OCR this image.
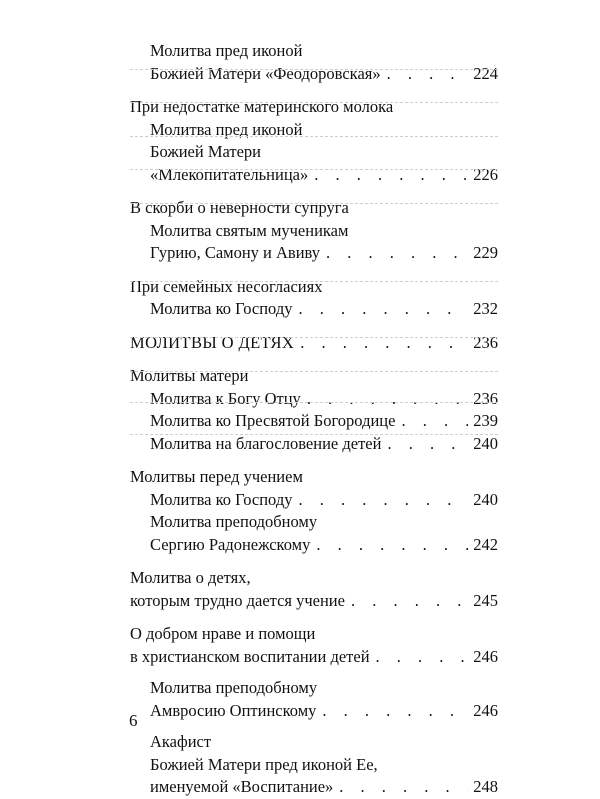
Молитва пред иконой
Божией Матери «Феодоровская» . . .	224
При недостатке материнского молока
Молитва пред иконой
Божией Матери
«Млекопитательница» . . .	226
В скорби о неверности супруга
Молитва святым мученикам
Гурию, Самону и Авиву . . .	229
При семейных несогласиях
Молитва ко Господу . . .	232
МОЛИТВЫ О ДЕТЯХ . . .	236
Молитвы матери
Молитва к Богу Отцу . . .	236
Молитва ко Пресвятой Богородице . . .	239
Молитва на благословение детей . . .	240
Молитвы перед учением
Молитва ко Господу . . .	240
Молитва преподобному
Сергию Радонежскому . . .	242
Молитва о детях,
которым трудно дается учение . . .	245
О добром нраве и помощи
в христианском воспитании детей . . .	246
Молитва преподобному
Амвросию Оптинскому . . .	246
Акафист
Божией Матери пред иконой Ее,
именуемой «Воспитание» . . .	248
6
